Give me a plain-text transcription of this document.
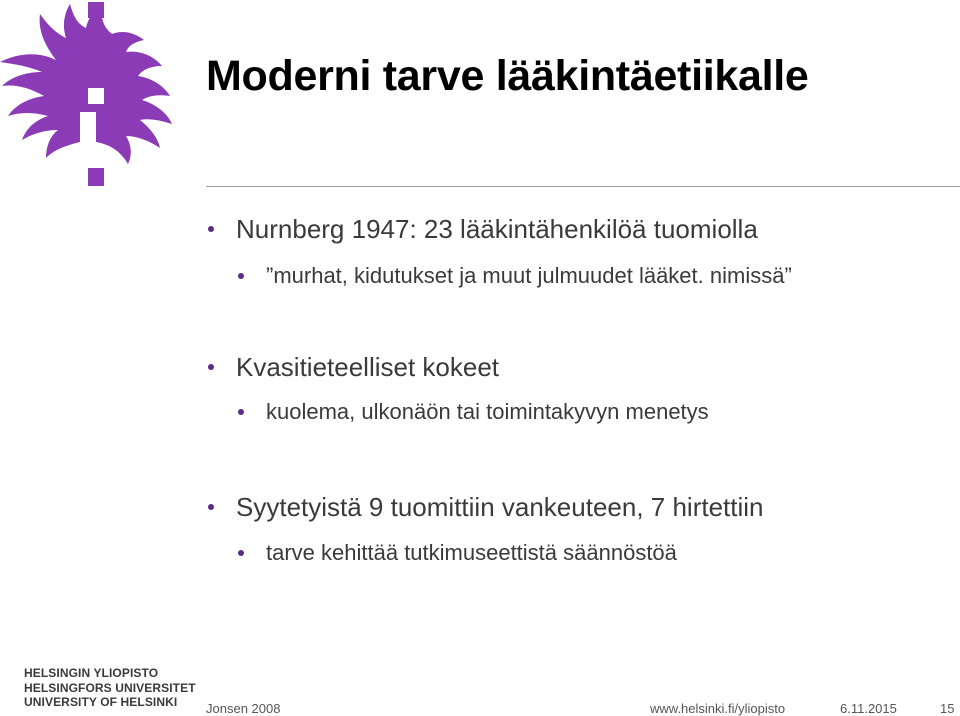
Moderni tarve lääkintäetiikalle
Nurnberg 1947: 23 lääkintähenkilöä tuomiolla
”murhat, kidutukset ja muut julmuudet lääket. nimissä”
Kvasitieteelliset kokeet
kuolema, ulkonäön tai toimintakyvyn menetys
Syytetyistä 9 tuomittiin vankeuteen, 7 hirtettiin
tarve kehittää tutkimuseettistä säännöstöä
HELSINGIN YLIOPISTO
HELSINGFORS UNIVERSITET
UNIVERSITY OF HELSINKI	Jonsen 2008	www.helsinki.fi/yliopisto	6.11.2015	15
